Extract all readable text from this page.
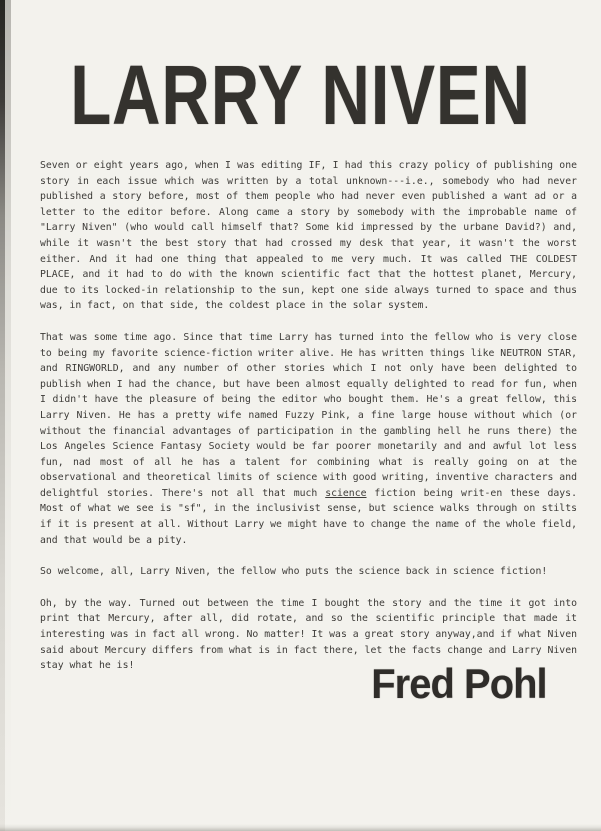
LARRY NIVEN

Seven or eight years ago, when I was editing IF, I had this crazy policy of publishing one story in each issue which was written by a total unknown---i.e., somebody who had never published a story before, most of them people who had never even published a want ad or a letter to the editor before. Along came a story by somebody with the improbable name of "Larry Niven" (who would call himself that? Some kid impressed by the urbane David?) and, while it wasn't the best story that had crossed my desk that year, it wasn't the worst either. And it had one thing that appealed to me very much. It was called THE COLDEST PLACE, and it had to do with the known scientific fact that the hottest planet, Mercury, due to its locked-in relationship to the sun, kept one side always turned to space and thus was, in fact, on that side, the coldest place in the solar system.

That was some time ago. Since that time Larry has turned into the fellow who is very close to being my favorite science-fiction writer alive. He has written things like NEUTRON STAR, and RINGWORLD, and any number of other stories which I not only have been delighted to publish when I had the chance, but have been almost equally delighted to read for fun, when I didn't have the pleasure of being the editor who bought them. He's a great fellow, this Larry Niven. He has a pretty wife named Fuzzy Pink, a fine large house without which (or without the financial advantages of participation in the gambling hell he runs there) the Los Angeles Science Fantasy Society would be far poorer monetarily and and awful lot less fun, nad most of all he has a talent for combining what is really going on at the observational and theoretical limits of science with good writing, inventive characters and delightful stories. There's not all that much science fiction being writ-en these days. Most of what we see is "sf", in the inclusivist sense, but science walks through on stilts if it is present at all. Without Larry we might have to change the name of the whole field, and that would be a pity.

So welcome, all, Larry Niven, the fellow who puts the science back in science fiction!

Oh, by the way. Turned out between the time I bought the story and the time it got into print that Mercury, after all, did rotate, and so the scientific principle that made it interesting was in fact all wrong. No matter! It was a great story anyway,and if what Niven said about Mercury differs from what is in fact there, let the facts change and Larry Niven stay what he is!	Fred Pohl
